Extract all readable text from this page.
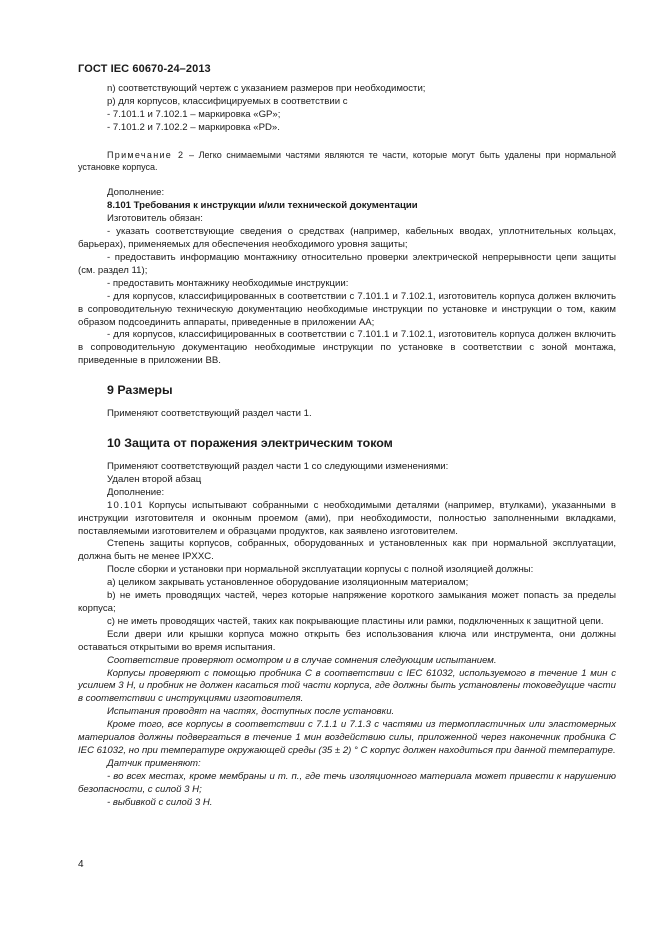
ГОСТ IEC 60670-24–2013

n) соответствующий чертеж с указанием размеров при необходимости;

p) для корпусов, классифицируемых в соответствии с

- 7.101.1 и 7.102.1 – маркировка «GP»;

- 7.101.2 и 7.102.2 – маркировка «PD».

Примечание 2 – Легко снимаемыми частями являются те части, которые могут быть удалены при нормальной установке корпуса.

Дополнение:

8.101 Требования к инструкции и/или технической документации

Изготовитель обязан:

- указать соответствующие сведения о средствах (например, кабельных вводах, уплотнительных кольцах, барьерах), применяемых для обеспечения необходимого уровня защиты;

- предоставить информацию монтажнику относительно проверки электрической непрерывности цепи защиты (см. раздел 11);

- предоставить монтажнику необходимые инструкции:

- для корпусов, классифицированных в соответствии с 7.101.1 и 7.102.1, изготовитель корпуса должен включить в сопроводительную техническую документацию необходимые инструкции по установке и инструкции о том, каким образом подсоединить аппараты, приведенные в приложении АА;

- для корпусов, классифицированных в соответствии с 7.101.1 и 7.102.1, изготовитель корпуса должен включить в сопроводительную документацию необходимые инструкции по установке в соответствии с зоной монтажа, приведенные в приложении ВВ.

9 Размеры

Применяют соответствующий раздел части 1.

10 Защита от поражения электрическим током

Применяют соответствующий раздел части 1 со следующими изменениями:

Удален второй абзац

Дополнение:

10.101 Корпусы испытывают собранными с необходимыми деталями (например, втулками), указанными в инструкции изготовителя и оконным проемом (ами), при необходимости, полностью заполненными вкладками, поставляемыми изготовителем и образцами продуктов, как заявлено изготовителем.

Степень защиты корпусов, собранных, оборудованных и установленных как при нормальной эксплуатации, должна быть не менее IPXXC.

После сборки и установки при нормальной эксплуатации корпусы с полной изоляцией должны:

a) целиком закрывать установленное оборудование изоляционным материалом;

b) не иметь проводящих частей, через которые напряжение короткого замыкания может попасть за пределы корпуса;

c) не иметь проводящих частей, таких как покрывающие пластины или рамки, подключенных к защитной цепи.

Если двери или крышки корпуса можно открыть без использования ключа или инструмента, они должны оставаться открытыми во время испытания.

Соответствие проверяют осмотром и в случае сомнения следующим испытанием.

Корпусы проверяют с помощью пробника С в соответствии с IEC 61032, используемого в течение 1 мин с усилием 3 Н, и пробник не должен касаться той части корпуса, где должны быть установлены токоведущие части в соответствии с инструкциями изготовителя.

Испытания проводят на частях, доступных после установки.

Кроме того, все корпусы в соответствии с 7.1.1 и 7.1.3 с частями из термопластичных или эластомерных материалов должны подвергаться в течение 1 мин воздействию силы, приложенной через наконечник пробника С IEC 61032, но при температуре окружающей среды (35 ± 2) ° С корпус должен находиться при данной температуре.

Датчик применяют:

- во всех местах, кроме мембраны и т. п., где течь изоляционного материала может привести к нарушению безопасности, с силой 3 Н;

- выбивкой с силой 3 Н.

4
